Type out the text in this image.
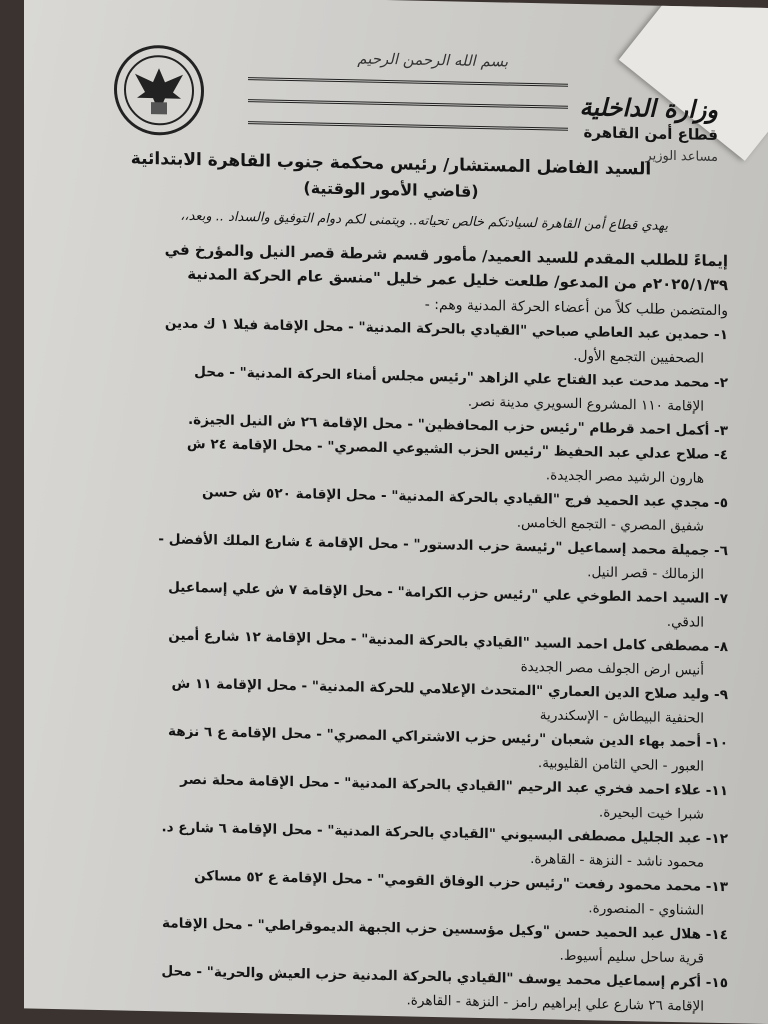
بسم الله الرحمن الرحيم
وزارة الداخلية
قطاع أمن القاهرة
مساعد الوزير
السيد الفاضل المستشار/ رئيس محكمة جنوب القاهرة الابتدائية
(قاضي الأمور الوقتية)
يهدي قطاع أمن القاهرة لسيادتكم خالص تحياته.. ويتمنى لكم دوام التوفيق والسداد .. وبعد،،
إيماءً للطلب المقدم للسيد العميد/ مأمور قسم شرطة قصر النيل والمؤرخ في
٢٠٢٥/١/٣٩م من المدعو/ طلعت خليل عمر خليل "منسق عام الحركة المدنية
والمتضمن طلب كلاً من أعضاء الحركة المدنية وهم: -
١- حمدين عبد العاطي صباحي "القيادي بالحركة المدنية" - محل الإقامة فيلا ١ ك مدين
الصحفيين التجمع الأول.
٢- محمد مدحت عبد الفتاح علي الزاهد "رئيس مجلس أمناء الحركة المدنية" - محل
الإقامة ١١٠ المشروع السويري مدينة نصر.
٣- أكمل احمد قرطام "رئيس حزب المحافظين" - محل الإقامة ٢٦ ش النيل الجيزة.
٤- صلاح عدلي عبد الحفيظ "رئيس الحزب الشيوعي المصري" - محل الإقامة ٢٤ ش
هارون الرشيد مصر الجديدة.
٥- مجدي عبد الحميد فرج "القيادي بالحركة المدنية" - محل الإقامة ٥٢٠ ش حسن
شفيق المصري - التجمع الخامس.
٦- جميلة محمد إسماعيل "رئيسة حزب الدستور" - محل الإقامة ٤ شارع الملك الأفضل -
الزمالك - قصر النيل.
٧- السيد احمد الطوخي علي "رئيس حزب الكرامة" - محل الإقامة ٧ ش علي إسماعيل
الدقي.
٨- مصطفى كامل احمد السيد "القيادي بالحركة المدنية" - محل الإقامة ١٢ شارع أمين
أنيس ارض الجولف مصر الجديدة
٩- وليد صلاح الدين العماري "المتحدث الإعلامي للحركة المدنية" - محل الإقامة ١١ ش
الحنفية البيطاش - الإسكندرية
١٠- أحمد بهاء الدين شعبان "رئيس حزب الاشتراكي المصري" - محل الإقامة ع ٦ نزهة
العبور - الحي الثامن القليوبية.
١١- علاء احمد فخري عبد الرحيم "القيادي بالحركة المدنية" - محل الإقامة محلة نصر
شبرا خيت البحيرة.
١٢- عبد الجليل مصطفى البسيوني "القيادي بالحركة المدنية" - محل الإقامة ٦ شارع د.
محمود ناشد - النزهة - القاهرة.
١٣- محمد محمود رفعت "رئيس حزب الوفاق القومي" - محل الإقامة ع ٥٢ مساكن
الشناوي - المنصورة.
١٤- هلال عبد الحميد حسن "وكيل مؤسسين حزب الجبهة الديموقراطي" - محل الإقامة
قرية ساحل سليم أسيوط.
١٥- أكرم إسماعيل محمد يوسف "القيادي بالحركة المدنية حزب العيش والحرية" - محل
الإقامة ٢٦ شارع علي إبراهيم رامز - النزهة - القاهرة.
